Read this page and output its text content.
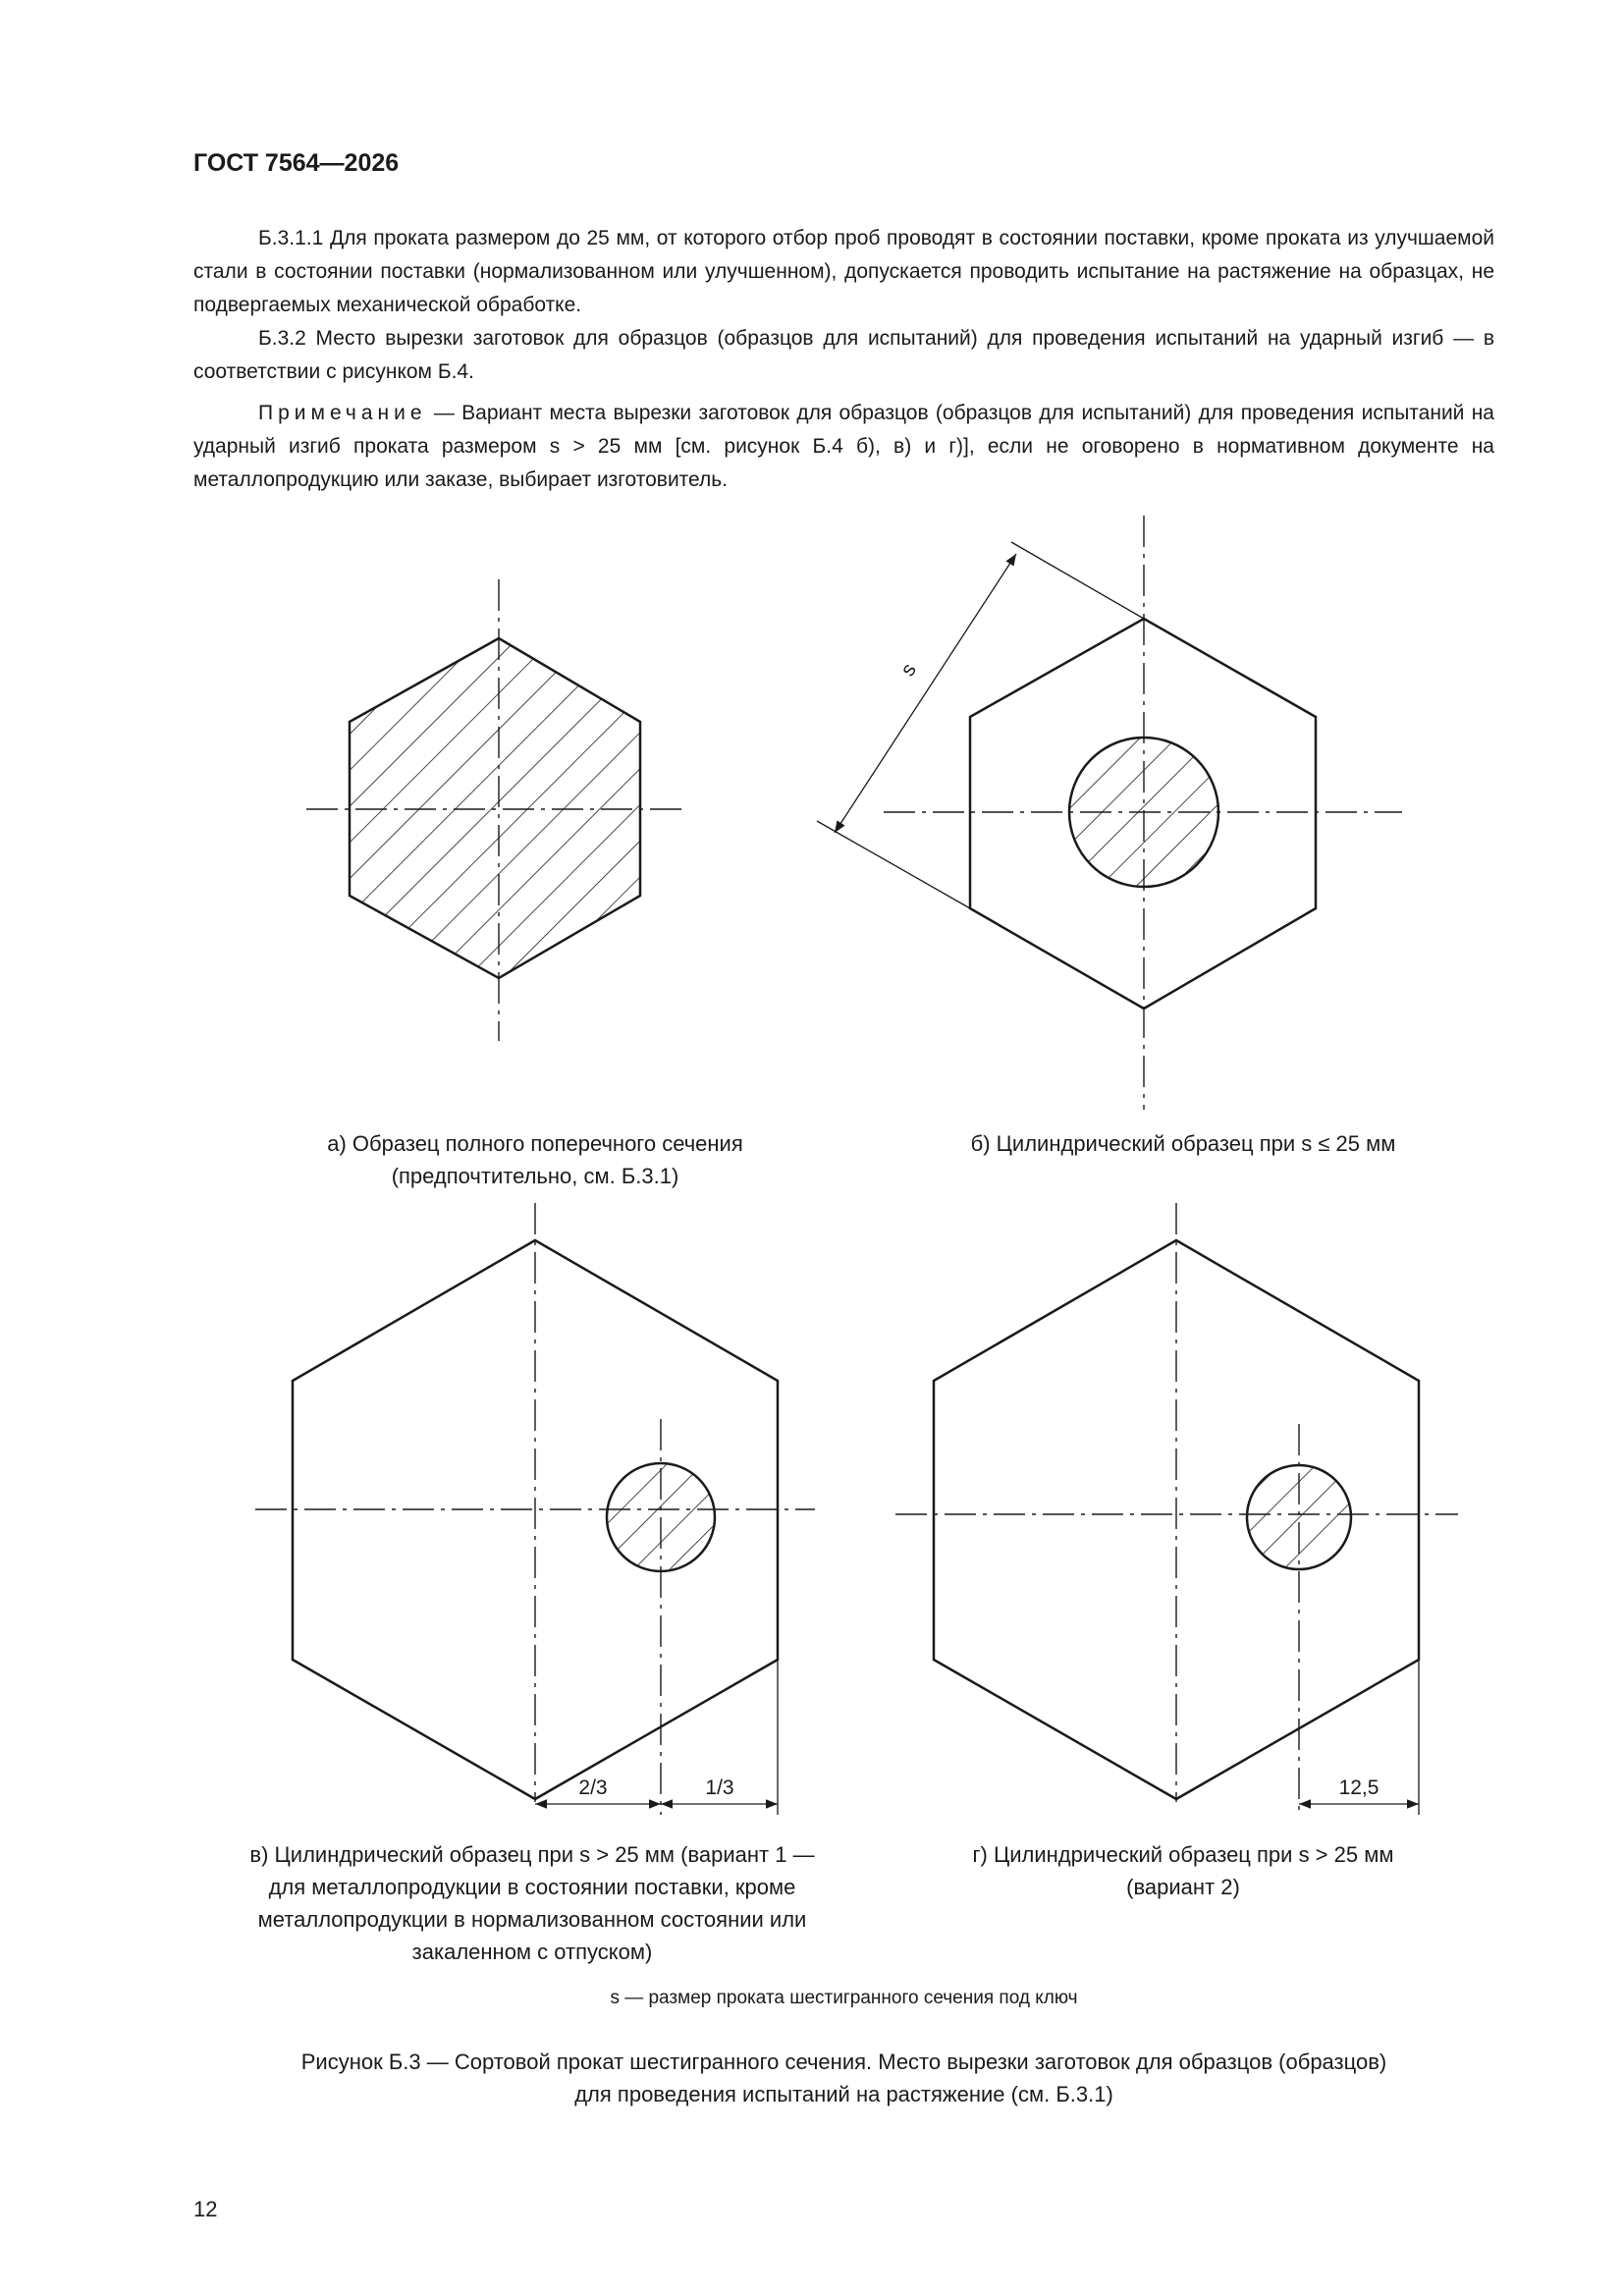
ГОСТ 7564—2026

Б.3.1.1 Для проката размером до 25 мм, от которого отбор проб проводят в состоянии поставки, кроме проката из улучшаемой стали в состоянии поставки (нормализованном или улучшенном), допускается проводить испытание на растяжение на образцах, не подвергаемых механической обработке.

Б.3.2 Место вырезки заготовок для образцов (образцов для испытаний) для проведения испытаний на ударный изгиб — в соответствии с рисунком Б.4.

Примечание — Вариант места вырезки заготовок для образцов (образцов для испытаний) для проведения испытаний на ударный изгиб проката размером s > 25 мм [см. рисунок Б.4 б), в) и г)], если не оговорено в нормативном документе на металлопродукцию или заказе, выбирает изготовитель.

s
2/3	1/3	12,5
а) Образец полного поперечного сечения
(предпочтительно, см. Б.3.1)
б) Цилиндрический образец при s ≤ 25 мм
в) Цилиндрический образец при s > 25 мм (вариант 1 —
для металлопродукции в состоянии поставки, кроме
металлопродукции в нормализованном состоянии или
закаленном с отпуском)
г) Цилиндрический образец при s > 25 мм
(вариант 2)
s — размер проката шестигранного сечения под ключ
Рисунок Б.3 — Сортовой прокат шестигранного сечения. Место вырезки заготовок для образцов (образцов)
для проведения испытаний на растяжение (см. Б.3.1)
12
